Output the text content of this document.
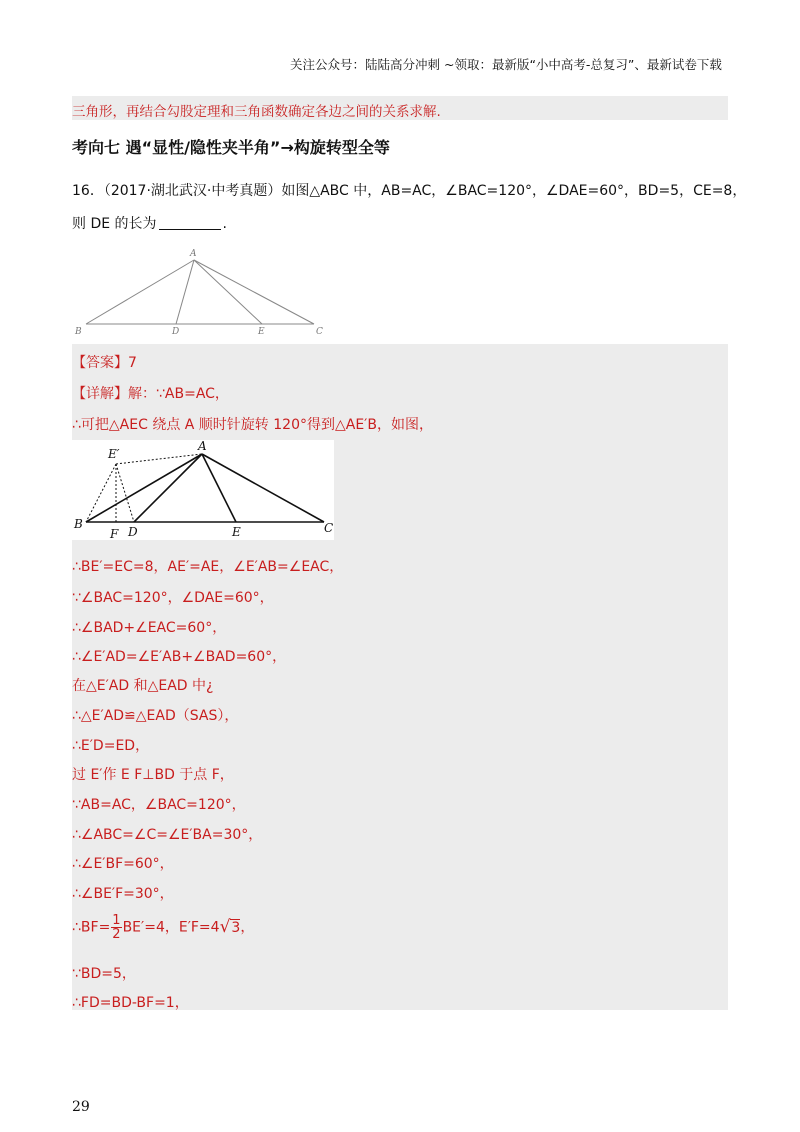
关注公众号：陆陆高分冲刺 ~领取：最新版“小中高考-总复习”、最新试卷下载
三角形，再结合勾股定理和三角函数确定各边之间的关系求解.
考向七 遇“显性/隐性夹半角”→构旋转型全等
16．（2017·湖北武汉·中考真题）如图△ABC 中，AB=AC，∠BAC=120°，∠DAE=60°，BD=5，CE=8，
则 DE 的长为	.
A
B	D	E	C
【答案】7
【详解】解：∵AB=AC，
∴可把△AEC 绕点 A 顺时针旋转 120°得到△AE′B，如图，
E′
A
B
F D	E	C
∴BE′=EC=8，AE′=AE，∠E′AB=∠EAC，
∵∠BAC=120°，∠DAE=60°，
∴∠BAD+∠EAC=60°，
∴∠E′AD=∠E′AB+∠BAD=60°，
在△E′AD 和△EAD 中¿
∴△E′AD≌△EAD（SAS），
∴E′D=ED，
过 E′作 E F⊥BD 于点 F，
∵AB=AC，∠BAC=120°，
∴∠ABC=∠C=∠E′BA=30°，
∴∠E′BF=60°，
∴∠BE′F=30°，
∴BF= $\frac{1}{2} BE'=4$，E′F=4√3，
∵BD=5，
∴FD=BD-BF=1，
29
